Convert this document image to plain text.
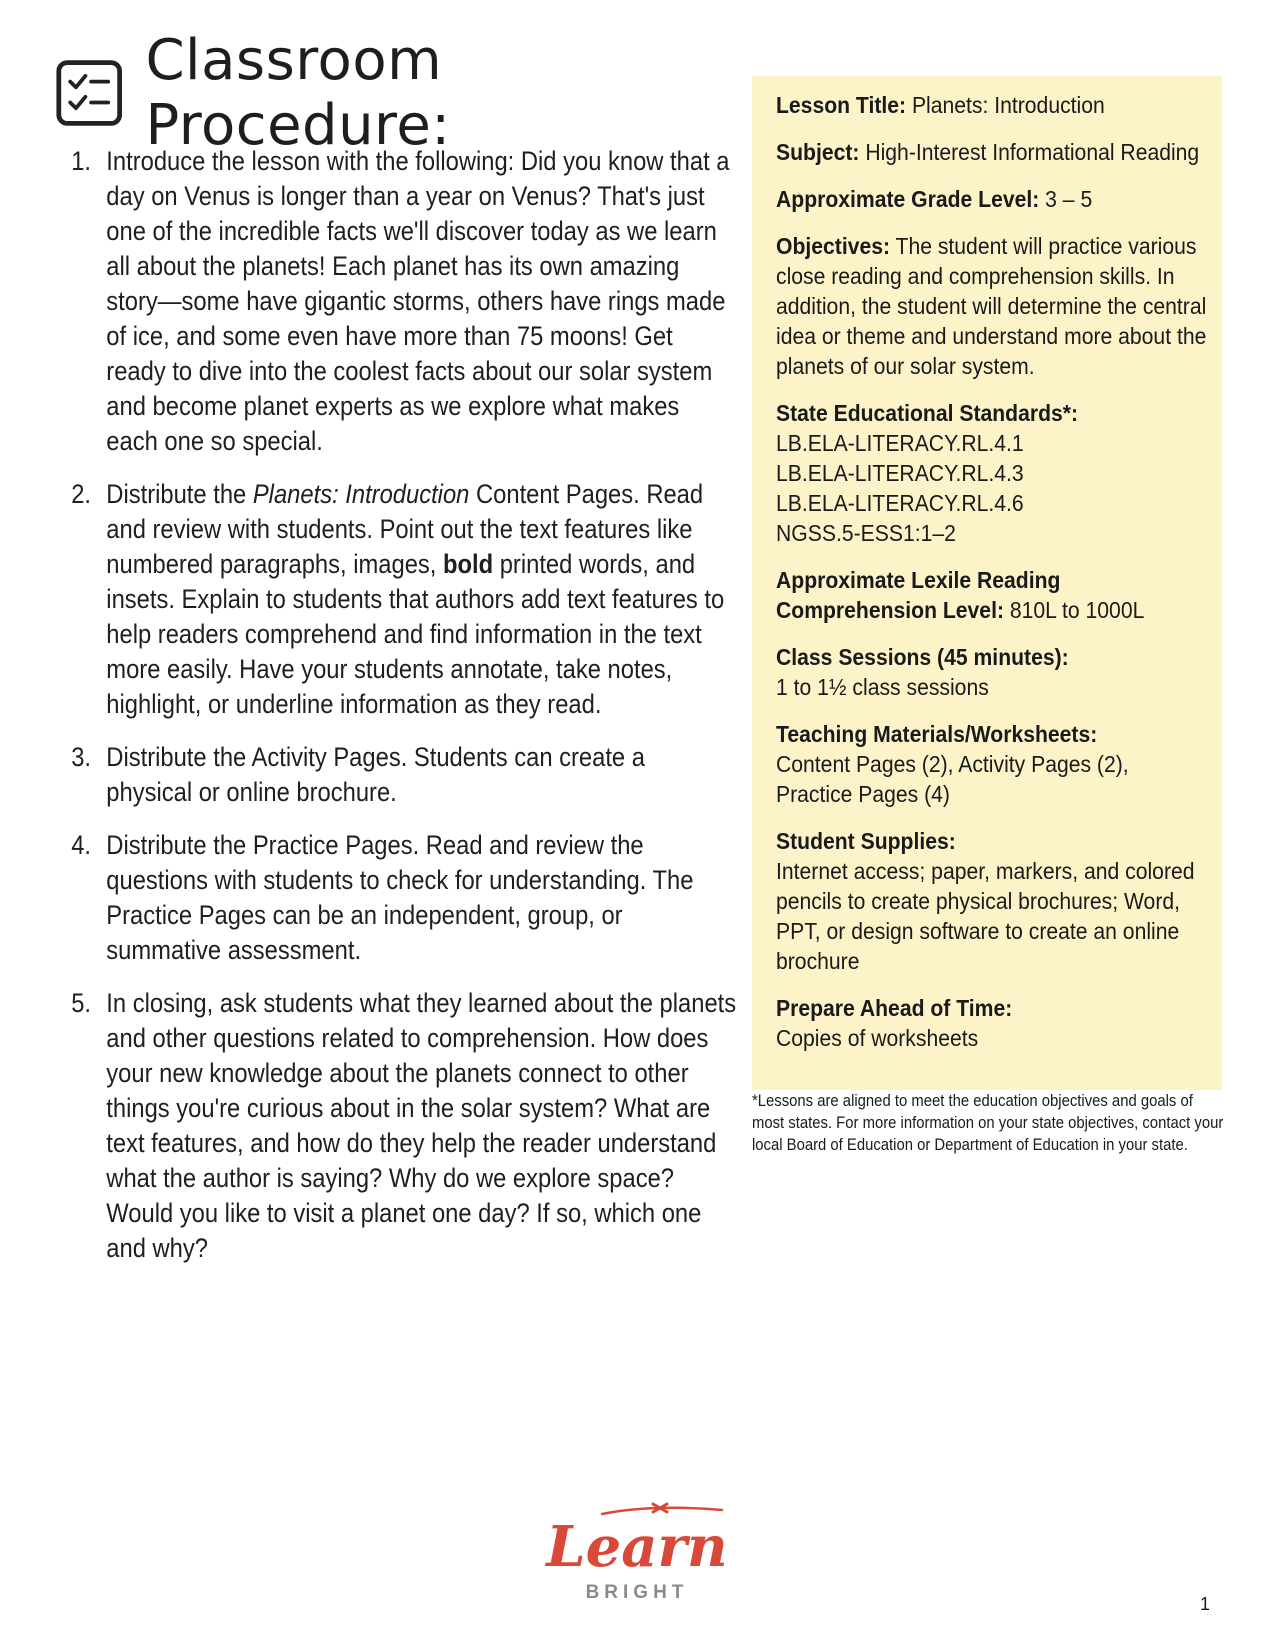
Classroom Procedure:
1. Introduce the lesson with the following: Did you know that a day on Venus is longer than a year on Venus? That's just one of the incredible facts we'll discover today as we learn all about the planets! Each planet has its own amazing story—some have gigantic storms, others have rings made of ice, and some even have more than 75 moons! Get ready to dive into the coolest facts about our solar system and become planet experts as we explore what makes each one so special.
2. Distribute the Planets: Introduction Content Pages. Read and review with students. Point out the text features like numbered paragraphs, images, bold printed words, and insets. Explain to students that authors add text features to help readers comprehend and find information in the text more easily. Have your students annotate, take notes, highlight, or underline information as they read.
3. Distribute the Activity Pages. Students can create a physical or online brochure.
4. Distribute the Practice Pages. Read and review the questions with students to check for understanding. The Practice Pages can be an independent, group, or summative assessment.
5. In closing, ask students what they learned about the planets and other questions related to comprehension. How does your new knowledge about the planets connect to other things you're curious about in the solar system? What are text features, and how do they help the reader understand what the author is saying? Why do we explore space? Would you like to visit a planet one day? If so, which one and why?
Lesson Title: Planets: Introduction
Subject: High-Interest Informational Reading
Approximate Grade Level: 3 – 5
Objectives: The student will practice various close reading and comprehension skills. In addition, the student will determine the central idea or theme and understand more about the planets of our solar system.
State Educational Standards*:
LB.ELA-LITERACY.RL.4.1
LB.ELA-LITERACY.RL.4.3
LB.ELA-LITERACY.RL.4.6
NGSS.5-ESS1:1–2
Approximate Lexile Reading
Comprehension Level: 810L to 1000L
Class Sessions (45 minutes):
1 to 1½ class sessions
Teaching Materials/Worksheets:
Content Pages (2), Activity Pages (2), Practice Pages (4)
Student Supplies:
Internet access; paper, markers, and colored pencils to create physical brochures; Word, PPT, or design software to create an online brochure
Prepare Ahead of Time:
Copies of worksheets
*Lessons are aligned to meet the education objectives and goals of most states. For more information on your state objectives, contact your local Board of Education or Department of Education in your state.
Learn
BRIGHT
1
